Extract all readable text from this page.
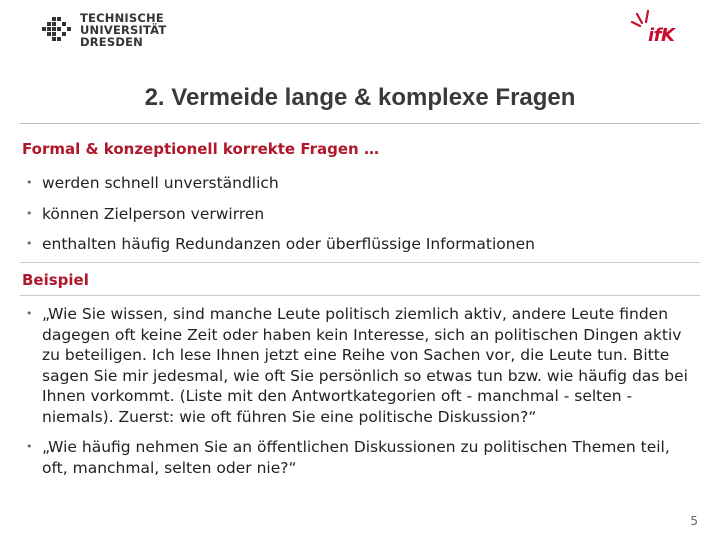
TECHNISCHE
UNIVERSITÄT
DRESDEN	ifK
2. Vermeide lange & komplexe Fragen
Formal & konzeptionell korrekte Fragen …
• werden schnell unverständlich
• können Zielperson verwirren
• enthalten häufig Redundanzen oder überflüssige Informationen
Beispiel
• „Wie Sie wissen, sind manche Leute politisch ziemlich aktiv, andere Leute finden dagegen oft keine Zeit oder haben kein Interesse, sich an politischen Dingen aktiv zu beteiligen. Ich lese Ihnen jetzt eine Reihe von Sachen vor, die Leute tun. Bitte sagen Sie mir jedesmal, wie oft Sie persönlich so etwas tun bzw. wie häufig das bei Ihnen vorkommt. (Liste mit den Antwortkategorien oft - manchmal - selten - niemals). Zuerst: wie oft führen Sie eine politische Diskussion?“
• „Wie häufig nehmen Sie an öffentlichen Diskussionen zu politischen Themen teil, oft, manchmal, selten oder nie?“
5
